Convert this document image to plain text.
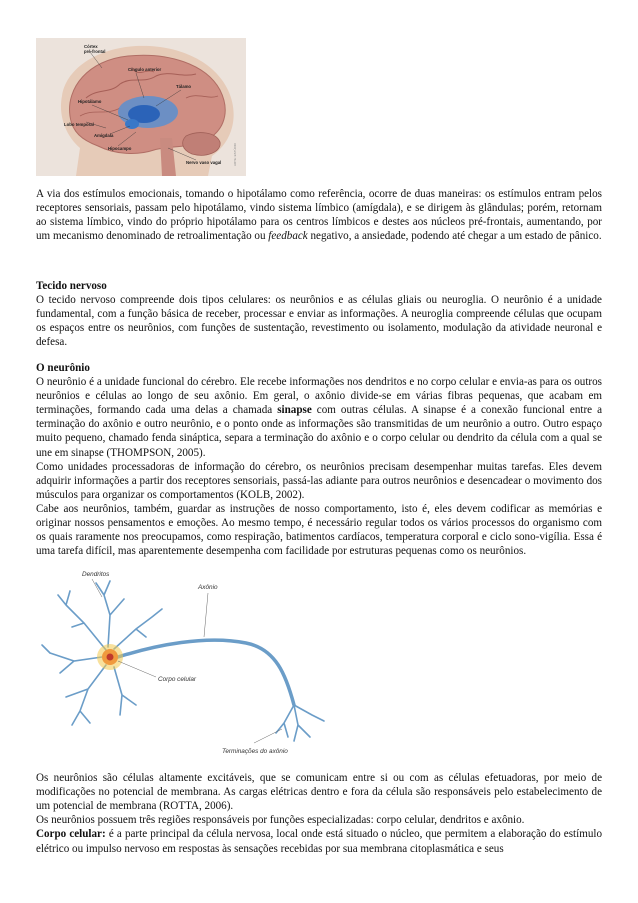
Córtex pré-frontal
Cíngulo anterior
Tálamo
Hipotálamo
Lobo temporal
Amígdala
Hipocampo
Nervo vaso vagal	ARTE: ESTÚDIO

A via dos estímulos emocionais, tomando o hipotálamo como referência, ocorre de duas maneiras: os estímulos entram pelos receptores sensoriais, passam pelo hipotálamo, vindo sistema límbico (amígdala), e se dirigem às glândulas; porém, retornam ao sistema límbico, vindo do próprio hipotálamo para os centros límbicos e destes aos núcleos pré-frontais, aumentando, por um mecanismo denominado de retroalimentação ou feedback negativo, a ansiedade, podendo até chegar a um estado de pânico.

Tecido nervoso

O tecido nervoso compreende dois tipos celulares: os neurônios e as células gliais ou neuroglia. O neurônio é a unidade fundamental, com a função básica de receber, processar e enviar as informações. A neuroglia compreende células que ocupam os espaços entre os neurônios, com funções de sustentação, revestimento ou isolamento, modulação da atividade neuronal e defesa.

O neurônio

O neurônio é a unidade funcional do cérebro. Ele recebe informações nos dendritos e no corpo celular e envia-as para os outros neurônios e células ao longo de seu axônio. Em geral, o axônio divide-se em várias fibras pequenas, que acabam em terminações, formando cada uma delas a chamada sinapse com outras células. A sinapse é a conexão funcional entre a terminação do axônio e outro neurônio, e o ponto onde as informações são transmitidas de um neurônio a outro. Outro espaço muito pequeno, chamado fenda sináptica, separa a terminação do axônio e o corpo celular ou dendrito da célula com a qual se une em sinapse (THOMPSON, 2005).

Como unidades processadoras de informação do cérebro, os neurônios precisam desempenhar muitas tarefas. Eles devem adquirir informações a partir dos receptores sensoriais, passá-las adiante para outros neurônios e desencadear o movimento dos músculos para organizar os comportamentos (KOLB, 2002).

Cabe aos neurônios, também, guardar as instruções de nosso comportamento, isto é, eles devem codificar as memórias e originar nossos pensamentos e emoções. Ao mesmo tempo, é necessário regular todos os vários processos do organismo com os quais raramente nos preocupamos, como respiração, batimentos cardíacos, temperatura corporal e ciclo sono-vigília. Essa é uma tarefa difícil, mas aparentemente desempenha com facilidade por estruturas pequenas como os neurônios.

Dendritos
Axônio
Corpo celular
Terminações do axônio

Os neurônios são células altamente excitáveis, que se comunicam entre si ou com as células efetuadoras, por meio de modificações no potencial de membrana. As cargas elétricas dentro e fora da célula são responsáveis pelo estabelecimento de um potencial de membrana (ROTTA, 2006).

Os neurônios possuem três regiões responsáveis por funções especializadas: corpo celular, dendritos e axônio.

Corpo celular: é a parte principal da célula nervosa, local onde está situado o núcleo, que permitem a elaboração do estímulo elétrico ou impulso nervoso em respostas às sensações recebidas por sua membrana citoplasmática e seus
